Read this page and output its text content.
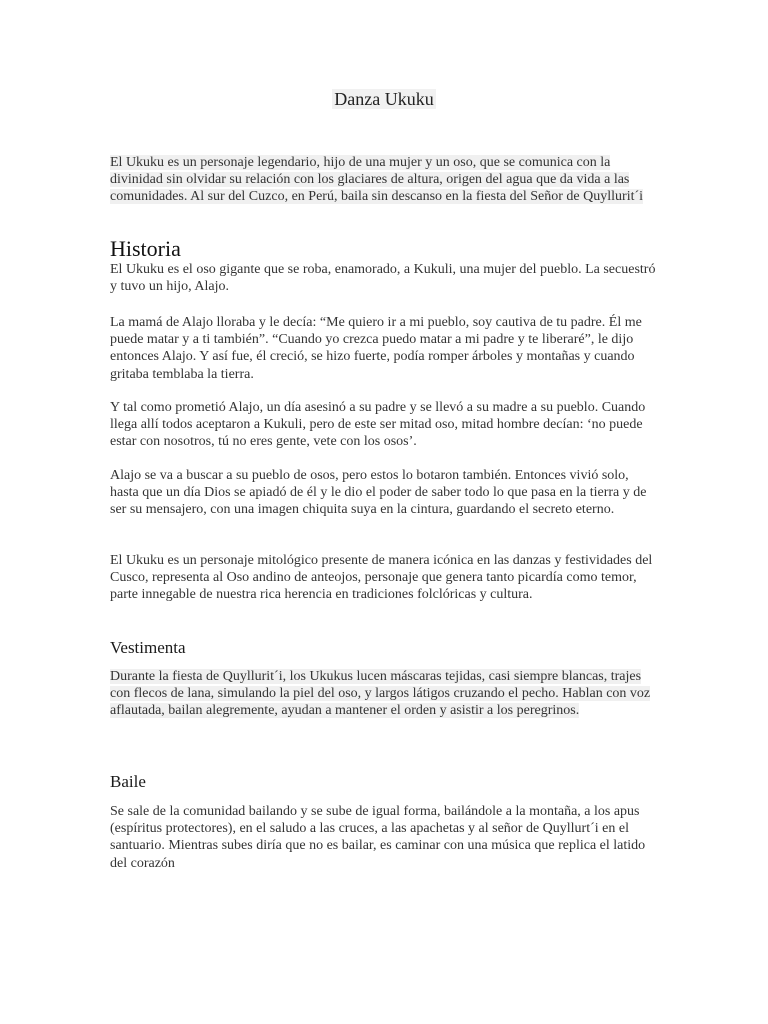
Danza Ukuku

El Ukuku es un personaje legendario, hijo de una mujer y un oso, que se comunica con la divinidad sin olvidar su relación con los glaciares de altura, origen del agua que da vida a las comunidades. Al sur del Cuzco, en Perú, baila sin descanso en la fiesta del Señor de Quyllurit´i

Historia

El Ukuku es el oso gigante que se roba, enamorado, a Kukuli, una mujer del pueblo. La secuestró y tuvo un hijo, Alajo.

La mamá de Alajo lloraba y le decía: “Me quiero ir a mi pueblo, soy cautiva de tu padre. Él me puede matar y a ti también”. “Cuando yo crezca puedo matar a mi padre y te liberaré”, le dijo entonces Alajo. Y así fue, él creció, se hizo fuerte, podía romper árboles y montañas y cuando gritaba temblaba la tierra.

Y tal como prometió Alajo, un día asesinó a su padre y se llevó a su madre a su pueblo. Cuando llega allí todos aceptaron a Kukuli, pero de este ser mitad oso, mitad hombre decían: ‘no puede estar con nosotros, tú no eres gente, vete con los osos’.

Alajo se va a buscar a su pueblo de osos, pero estos lo botaron también. Entonces vivió solo, hasta que un día Dios se apiadó de él y le dio el poder de saber todo lo que pasa en la tierra y de ser su mensajero, con una imagen chiquita suya en la cintura, guardando el secreto eterno.

El Ukuku es un personaje mitológico presente de manera icónica en las danzas y festividades del Cusco, representa al Oso andino de anteojos, personaje que genera tanto picardía como temor, parte innegable de nuestra rica herencia en tradiciones folclóricas y cultura.

Vestimenta

Durante la fiesta de Quyllurit´i, los Ukukus lucen máscaras tejidas, casi siempre blancas, trajes con flecos de lana, simulando la piel del oso, y largos látigos cruzando el pecho. Hablan con voz aflautada, bailan alegremente, ayudan a mantener el orden y asistir a los peregrinos.

Baile

Se sale de la comunidad bailando y se sube de igual forma, bailándole a la montaña, a los apus (espíritus protectores), en el saludo a las cruces, a las apachetas y al señor de Quyllurt´i en el santuario. Mientras subes diría que no es bailar, es caminar con una música que replica el latido del corazón
